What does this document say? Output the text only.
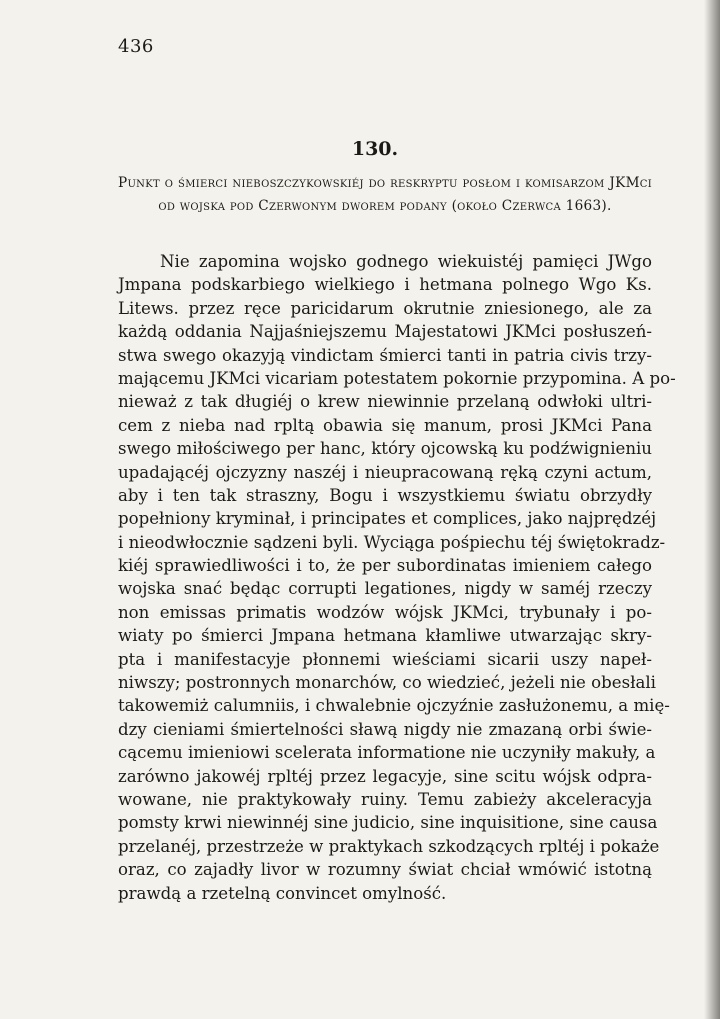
436
130.
Punkt o śmierci nieboszczykowskiéj do reskryptu posłom i komisarzom JKMci od wojska pod Czerwonym dworem podany (około Czerwca 1663).
Nie zapomina wojsko godnego wiekuistéj pamięci JWgo
Jmpana podskarbiego wielkiego i hetmana polnego Wgo Ks.
Litews. przez ręce paricidarum okrutnie zniesionego, ale za
każdą oddania Najjaśniejszemu Majestatowi JKMci posłuszeń-
stwa swego okazyją vindictam śmierci tanti in patria civis trzy-
mającemu JKMci vicariam potestatem pokornie przypomina. A po-
nieważ z tak długiéj o krew niewinnie przelaną odwłoki ultri-
cem z nieba nad rpltą obawia się manum, prosi JKMci Pana
swego miłościwego per hanc, który ojcowską ku podźwignieniu
upadającéj ojczyzny naszéj i nieupracowaną ręką czyni actum,
aby i ten tak straszny, Bogu i wszystkiemu światu obrzydły
popełniony kryminał, i principates et complices, jako najprędzéj
i nieodwłocznie sądzeni byli. Wyciąga pośpiechu téj świętokradz-
kiéj sprawiedliwości i to, że per subordinatas imieniem całego
wojska snać będąc corrupti legationes, nigdy w saméj rzeczy
non emissas primatis wodzów wójsk JKMci, trybunały i po-
wiaty po śmierci Jmpana hetmana kłamliwe utwarzając skry-
pta i manifestacyje płonnemi wieściami sicarii uszy napeł-
niwszy; postronnych monarchów, co wiedzieć, jeżeli nie obesłali
takowemiż calumniis, i chwalebnie ojczyźnie zasłużonemu, a mię-
dzy cieniami śmiertelności sławą nigdy nie zmazaną orbi świe-
cącemu imieniowi scelerata informatione nie uczyniły makuły, a
zarówno jakowéj rpltéj przez legacyje, sine scitu wójsk odpra-
wowane, nie praktykowały ruiny. Temu zabieży akceleracyja
pomsty krwi niewinnéj sine judicio, sine inquisitione, sine causa
przelanéj, przestrzeże w praktykach szkodzących rpltéj i pokaże
oraz, co zajadły livor w rozumny świat chciał wmówić istotną
prawdą a rzetelną convincet omylność.
